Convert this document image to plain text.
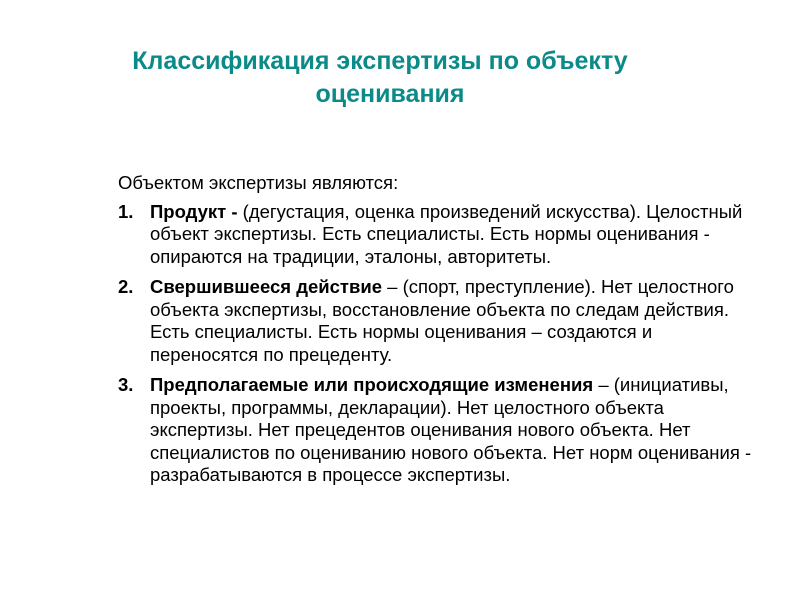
Классификация экспертизы по объекту
оценивания

Объектом экспертизы являются:

1. Продукт - (дегустация, оценка произведений искусства). Целостный объект экспертизы. Есть специалисты. Есть нормы оценивания - опираются на традиции, эталоны, авторитеты.
2. Свершившееся действие – (спорт, преступление). Нет целостного объекта экспертизы, восстановление объекта по следам действия. Есть специалисты. Есть нормы оценивания – создаются и переносятся по прецеденту.
3. Предполагаемые или происходящие изменения – (инициативы, проекты, программы, декларации). Нет целостного объекта экспертизы. Нет прецедентов оценивания нового объекта. Нет специалистов по оцениванию нового объекта. Нет норм оценивания - разрабатываются в процессе экспертизы.
